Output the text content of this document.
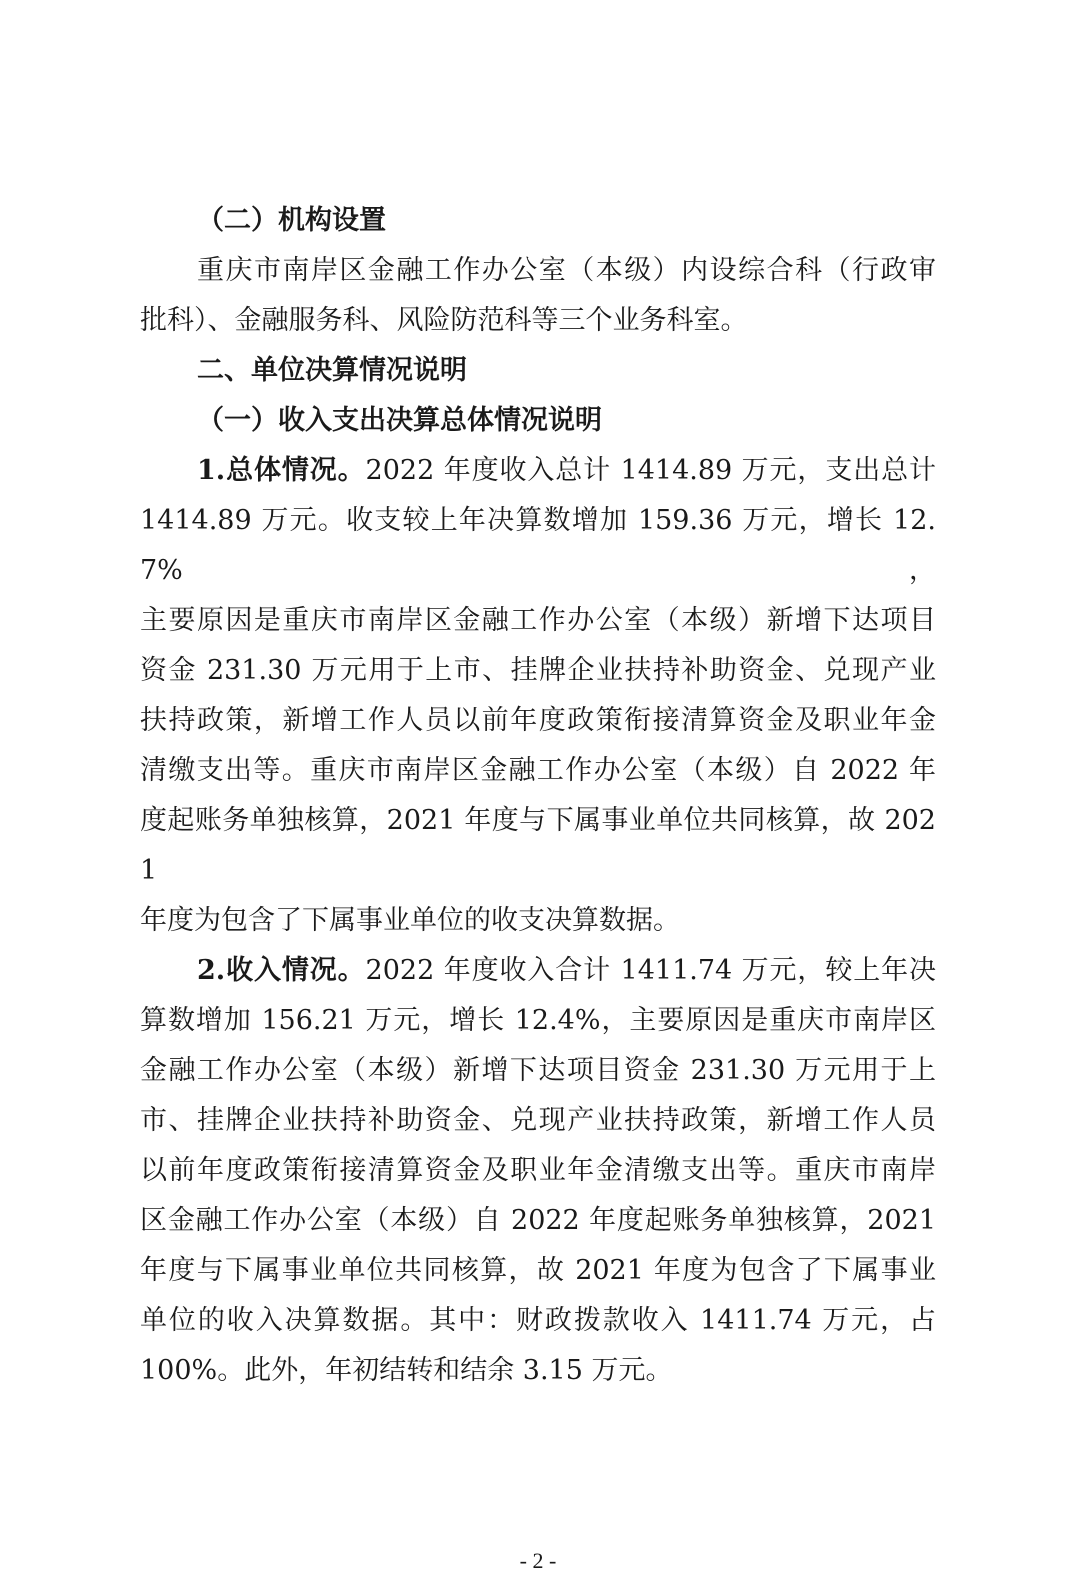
（二）机构设置
重庆市南岸区金融工作办公室（本级）内设综合科（行政审
批科）、金融服务科、风险防范科等三个业务科室。
二、单位决算情况说明
（一）收入支出决算总体情况说明
1.总体情况。2022 年度收入总计 1414.89 万元，支出总计
1414.89 万元。收支较上年决算数增加 159.36 万元，增长 12.7%，
主要原因是重庆市南岸区金融工作办公室（本级）新增下达项目
资金 231.30 万元用于上市、挂牌企业扶持补助资金、兑现产业
扶持政策，新增工作人员以前年度政策衔接清算资金及职业年金
清缴支出等。重庆市南岸区金融工作办公室（本级）自 2022 年
度起账务单独核算，2021 年度与下属事业单位共同核算，故 2021
年度为包含了下属事业单位的收支决算数据。
2.收入情况。2022 年度收入合计 1411.74 万元，较上年决
算数增加 156.21 万元，增长 12.4%，主要原因是重庆市南岸区
金融工作办公室（本级）新增下达项目资金 231.30 万元用于上
市、挂牌企业扶持补助资金、兑现产业扶持政策，新增工作人员
以前年度政策衔接清算资金及职业年金清缴支出等。重庆市南岸
区金融工作办公室（本级）自 2022 年度起账务单独核算，2021
年度与下属事业单位共同核算，故 2021 年度为包含了下属事业
单位的收入决算数据。其中：财政拨款收入 1411.74 万元，占
100%。此外，年初结转和结余 3.15 万元。
- 2 -
